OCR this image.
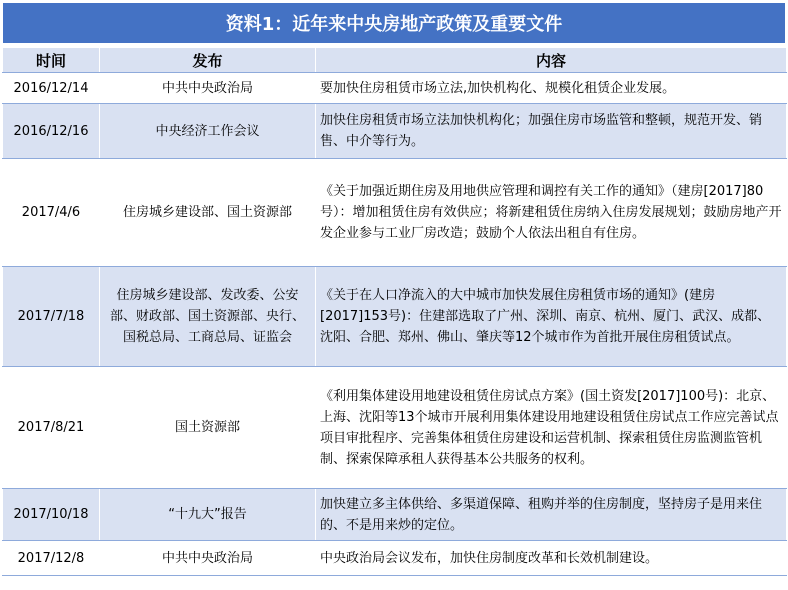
资料1：近年来中央房地产政策及重要文件
时间	发布	内容
2016/12/14	中共中央政治局	要加快住房租赁市场立法,加快机构化、规模化租赁企业发展。
2016/12/16	中央经济工作会议	加快住房租赁市场立法加快机构化；加强住房市场监管和整顿，规范开发、销售、中介等行为。
2017/4/6	住房城乡建设部、国土资源部	《关于加强近期住房及用地供应管理和调控有关工作的通知》（建房[2017]80号）：增加租赁住房有效供应；将新建租赁住房纳入住房发展规划；鼓励房地产开发企业参与工业厂房改造；鼓励个人依法出租自有住房。
2017/7/18	住房城乡建设部、发改委、公安部、财政部、国土资源部、央行、国税总局、工商总局、证监会	《关于在人口净流入的大中城市加快发展住房租赁市场的通知》(建房[2017]153号)：住建部选取了广州、深圳、南京、杭州、厦门、武汉、成都、沈阳、合肥、郑州、佛山、肇庆等12个城市作为首批开展住房租赁试点。
2017/8/21	国土资源部	《利用集体建设用地建设租赁住房试点方案》(国土资发[2017]100号)：北京、上海、沈阳等13个城市开展利用集体建设用地建设租赁住房试点工作应完善试点项目审批程序、完善集体租赁住房建设和运营机制、探索租赁住房监测监管机制、探索保障承租人获得基本公共服务的权利。
2017/10/18	“十九大”报告	加快建立多主体供给、多渠道保障、租购并举的住房制度，坚持房子是用来住的、不是用来炒的定位。
2017/12/8	中共中央政治局	中央政治局会议发布，加快住房制度改革和长效机制建设。
